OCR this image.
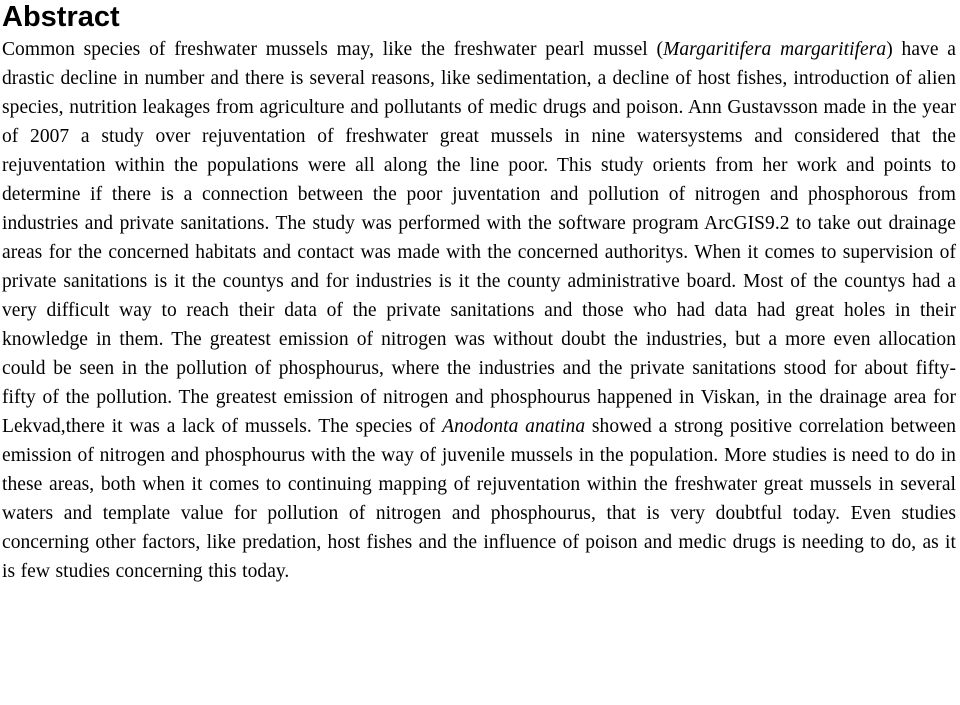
Abstract

Common species of freshwater mussels may, like the freshwater pearl mussel (Margaritifera margaritifera) have a drastic decline in number and there is several reasons, like sedimentation, a decline of host fishes, introduction of alien species, nutrition leakages from agriculture and pollutants of medic drugs and poison. Ann Gustavsson made in the year of 2007 a study over rejuventation of freshwater great mussels in nine watersystems and considered that the rejuventation within the populations were all along the line poor. This study orients from her work and points to determine if there is a connection between the poor juventation and pollution of nitrogen and phosphorous from industries and private sanitations. The study was performed with the software program ArcGIS9.2 to take out drainage areas for the concerned habitats and contact was made with the concerned authoritys. When it comes to supervision of private sanitations is it the countys and for industries is it the county administrative board. Most of the countys had a very difficult way to reach their data of the private sanitations and those who had data had great holes in their knowledge in them. The greatest emission of nitrogen was without doubt the industries, but a more even allocation could be seen in the pollution of phosphourus, where the industries and the private sanitations stood for about fifty- fifty of the pollution. The greatest emission of nitrogen and phosphourus happened in Viskan, in the drainage area for Lekvad,there it was a lack of mussels. The species of Anodonta anatina showed a strong positive correlation between emission of nitrogen and phosphourus with the way of juvenile mussels in the population. More studies is need to do in these areas, both when it comes to continuing mapping of rejuventation within the freshwater great mussels in several waters and template value for pollution of nitrogen and phosphourus, that is very doubtful today. Even studies concerning other factors, like predation, host fishes and the influence of poison and medic drugs is needing to do, as it is few studies concerning this today.
